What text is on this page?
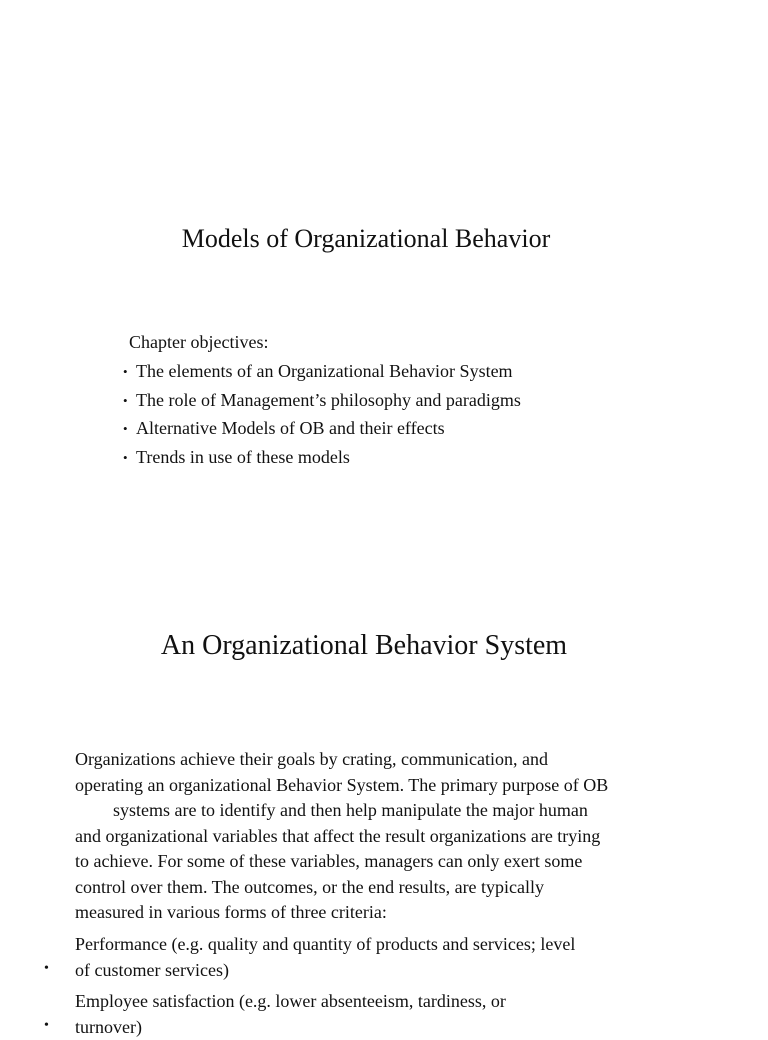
Models of Organizational Behavior
Chapter objectives:
• The elements of an Organizational Behavior System
• The role of Management’s philosophy and paradigms
• Alternative Models of OB and their effects
• Trends in use of these models
An Organizational Behavior System

Organizations achieve their goals by crating, communication, and
operating an organizational Behavior System. The primary purpose of OB
systems are to identify and then help manipulate the major human
and organizational variables that affect the result organizations are trying
to achieve. For some of these variables, managers can only exert some
control over them. The outcomes, or the end results, are typically
measured in various forms of three criteria:

Performance (e.g. quality and quantity of products and services; level
of customer services)
•
Employee satisfaction (e.g. lower absenteeism, tardiness, or
turnover)
•
